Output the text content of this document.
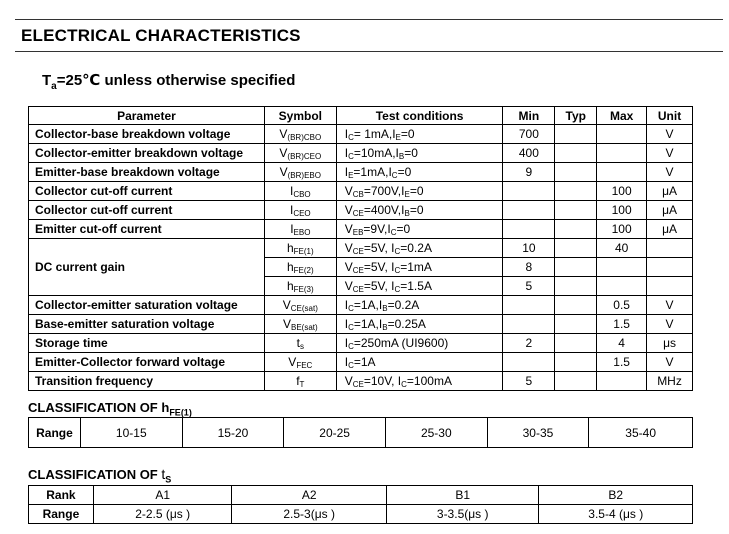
ELECTRICAL CHARACTERISTICS

$T_a=25℃$ unless otherwise specified

Parameter	Symbol	Test conditions	Min	Typ	Max	Unit
Collector-base breakdown voltage	$V_{(BR)CBO}$	$I_C= 1mA,I_E=0$	700			V
Collector-emitter breakdown voltage	$V_{(BR)CEO}$	$I_C=10mA,I_B=0$	400			V
Emitter-base breakdown voltage	$V_{(BR)EBO}$	$I_E=1mA,I_C=0$	9			V
Collector cut-off current	$I_{CBO}$	$V_{CB}=700V,I_E=0$			100	μA
Collector cut-off current	$I_{CEO}$	$V_{CE}=400V,I_B=0$			100	μA
Emitter cut-off current	$I_{EBO}$	$V_{EB}=9V,I_C=0$			100	μA
DC current gain	$h_{FE(1)}$	$V_{CE}=5V$, $I_C=0.2A$	10		40	
	$h_{FE(2)}$	$V_{CE}=5V$, $I_C=1mA$	8			
	$h_{FE(3)}$	$V_{CE}=5V$, $I_C=1.5A$	5			
Collector-emitter saturation voltage	$V_{CE(sat)}$	$I_C=1A,I_B=0.2A$			0.5	V
Base-emitter saturation voltage	$V_{BE(sat)}$	$I_C=1A,I_B=0.25A$			1.5	V
Storage time	$t_s$	$I_C=250mA$ (UI9600)	2		4	μs
Emitter-Collector forward voltage	$V_{FEC}$	$I_C=1A$			1.5	V
Transition frequency	$f_T$	$V_{CE}=10V$, $I_C=100mA$	5			MHz

CLASSIFICATION OF $h_{FE(1)}$

Range	10-15	15-20	20-25	25-30	30-35	35-40

CLASSIFICATION OF $t_S$

Rank	A1	A2	B1	B2
Range	2-2.5 (μs )	2.5-3(μs )	3-3.5(μs )	3.5-4 (μs )
